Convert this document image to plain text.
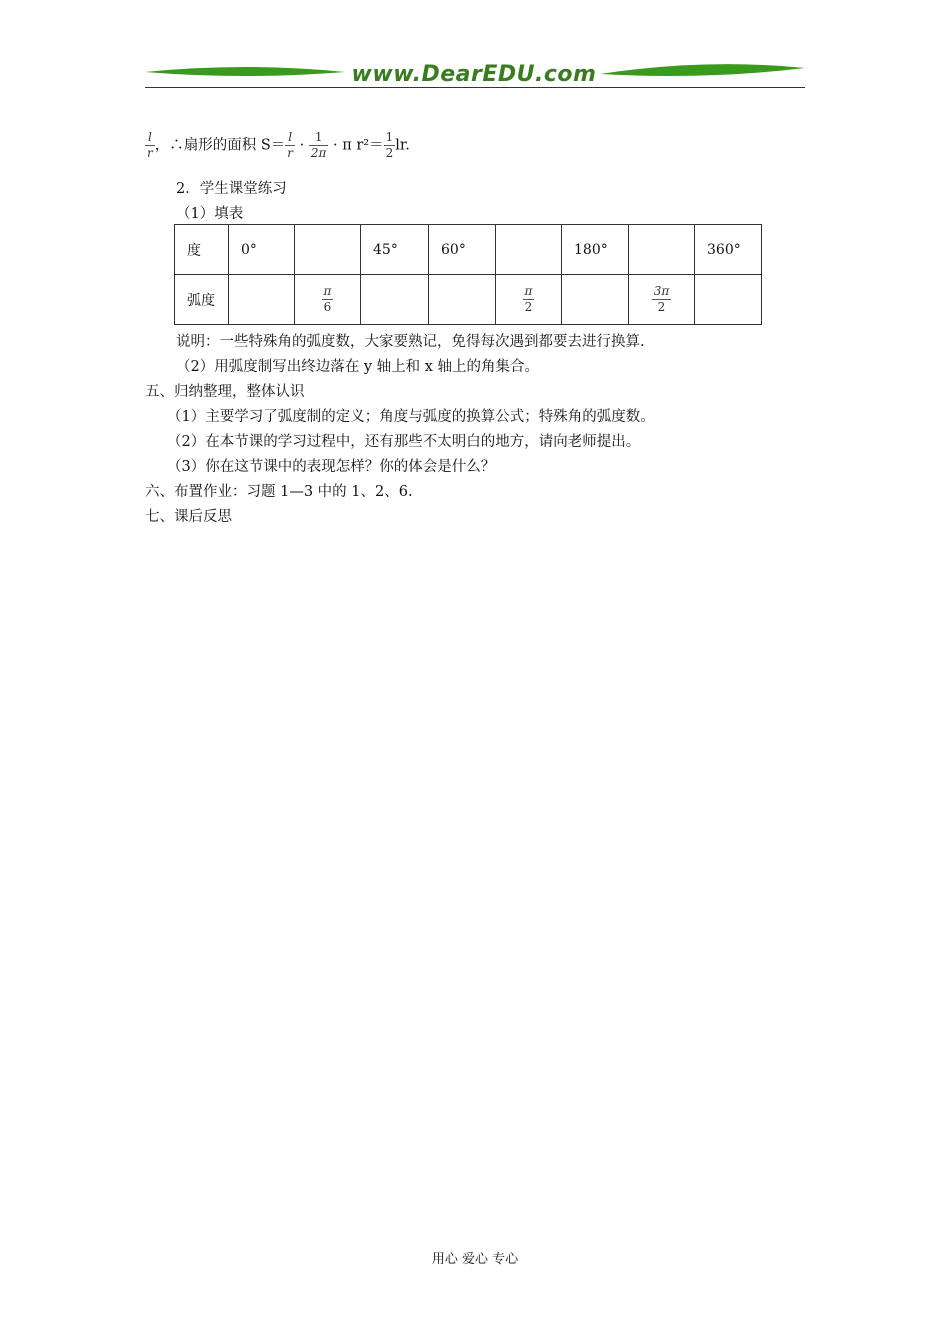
www.DearEDU.com
$\frac{l}{r}$ ，∴扇形的面积 $S= \frac{l}{r} \cdot \frac{1}{2\pi} \cdot \pi$ $r^2= \frac{1}{2}$ lr.
2．学生课堂练习
（1）填表
度	0°		45°	60°		180°		360°
弧度		$\frac{\pi}{6}$			$\frac{\pi}{2}$		$\frac{3\pi}{2}$

说明：一些特殊角的弧度数，大家要熟记，免得每次遇到都要去进行换算.
（2）用弧度制写出终边落在 y 轴上和 x 轴上的角集合。
五、归纳整理，整体认识
（1）主要学习了弧度制的定义；角度与弧度的换算公式；特殊角的弧度数。
（2）在本节课的学习过程中，还有那些不太明白的地方，请向老师提出。
（3）你在这节课中的表现怎样？你的体会是什么？
六、布置作业：习题 1—3 中的 1、2、6.
七、课后反思
用心 爱心 专心
